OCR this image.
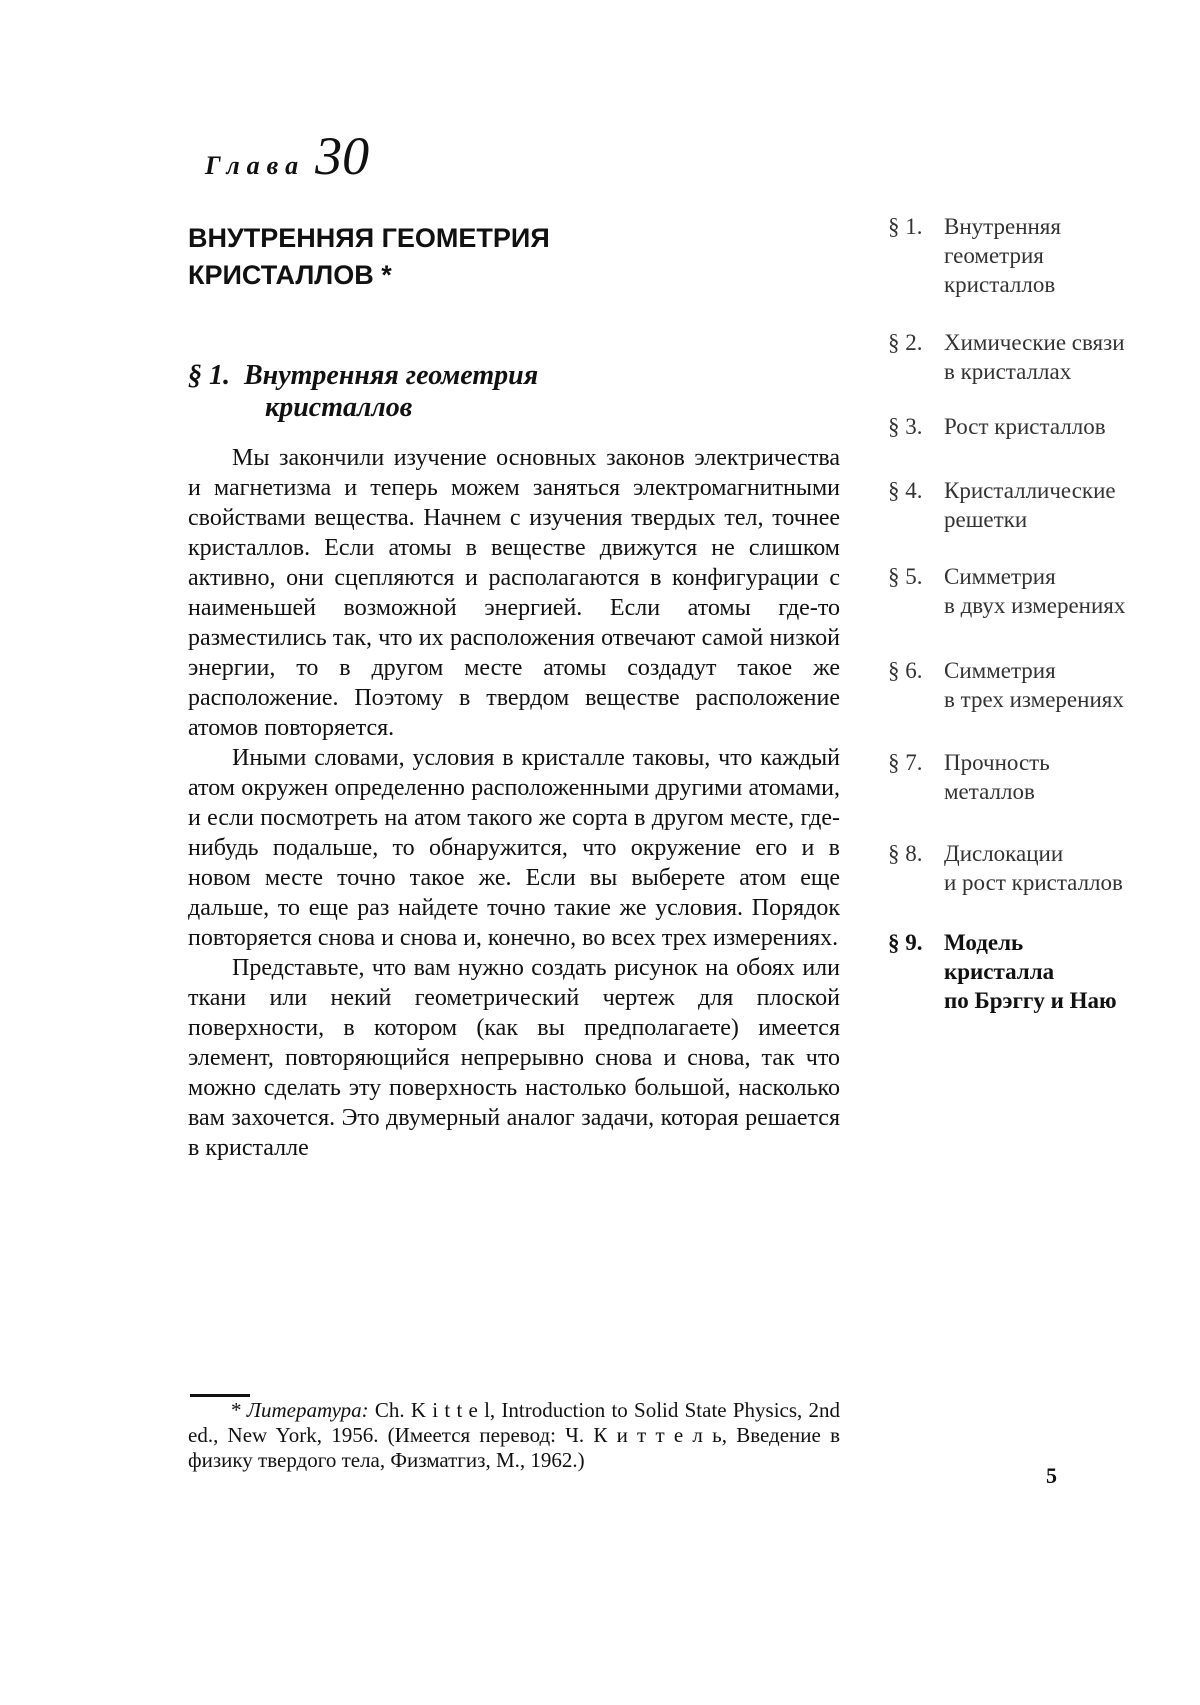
Глава 30
ВНУТРЕННЯЯ ГЕОМЕТРИЯ
КРИСТАЛЛОВ *
§ 1. Внутренняя геометрия
кристаллов

Мы закончили изучение основных законов электричества и магнетизма и теперь можем заняться электромагнитными свойствами вещества. Начнем с изучения твердых тел, точнее кристаллов. Если атомы в веществе движутся не слишком активно, они сцепляются и располагаются в конфигурации с наименьшей возможной энергией. Если атомы где-то разместились так, что их расположения отвечают самой низкой энергии, то в другом месте атомы создадут такое же расположение. Поэтому в твердом веществе расположение атомов повторяется.

Иными словами, условия в кристалле таковы, что каждый атом окружен определенно расположенными другими атомами, и если посмотреть на атом такого же сорта в другом месте, где-нибудь подальше, то обнаружится, что окружение его и в новом месте точно такое же. Если вы выберете атом еще дальше, то еще раз найдете точно такие же условия. Порядок повторяется снова и снова и, конечно, во всех трех измерениях.

Представьте, что вам нужно создать рисунок на обоях или ткани или некий геометрический чертеж для плоской поверхности, в котором (как вы предполагаете) имеется элемент, повторяющийся непрерывно снова и снова, так что можно сделать эту поверхность настолько большой, насколько вам захочется. Это двумерный аналог задачи, которая решается в кристалле

* Литература: Ch. K i t t e l, Introduction to Solid State Physics, 2nd ed., New York, 1956. (Имеется перевод: Ч. К и т т е л ь, Введение в физику твердого тела, Физматгиз, М., 1962.)
§ 1. Внутренняя
геометрия
кристаллов
§ 2. Химические связи
в кристаллах
§ 3. Рост кристаллов
§ 4. Кристаллические
решетки
§ 5. Симметрия
в двух измерениях
§ 6. Симметрия
в трех измерениях
§ 7. Прочность
металлов
§ 8. Дислокации
и рост кристаллов
§ 9. Модель
кристалла
по Брэггу и Наю
5
